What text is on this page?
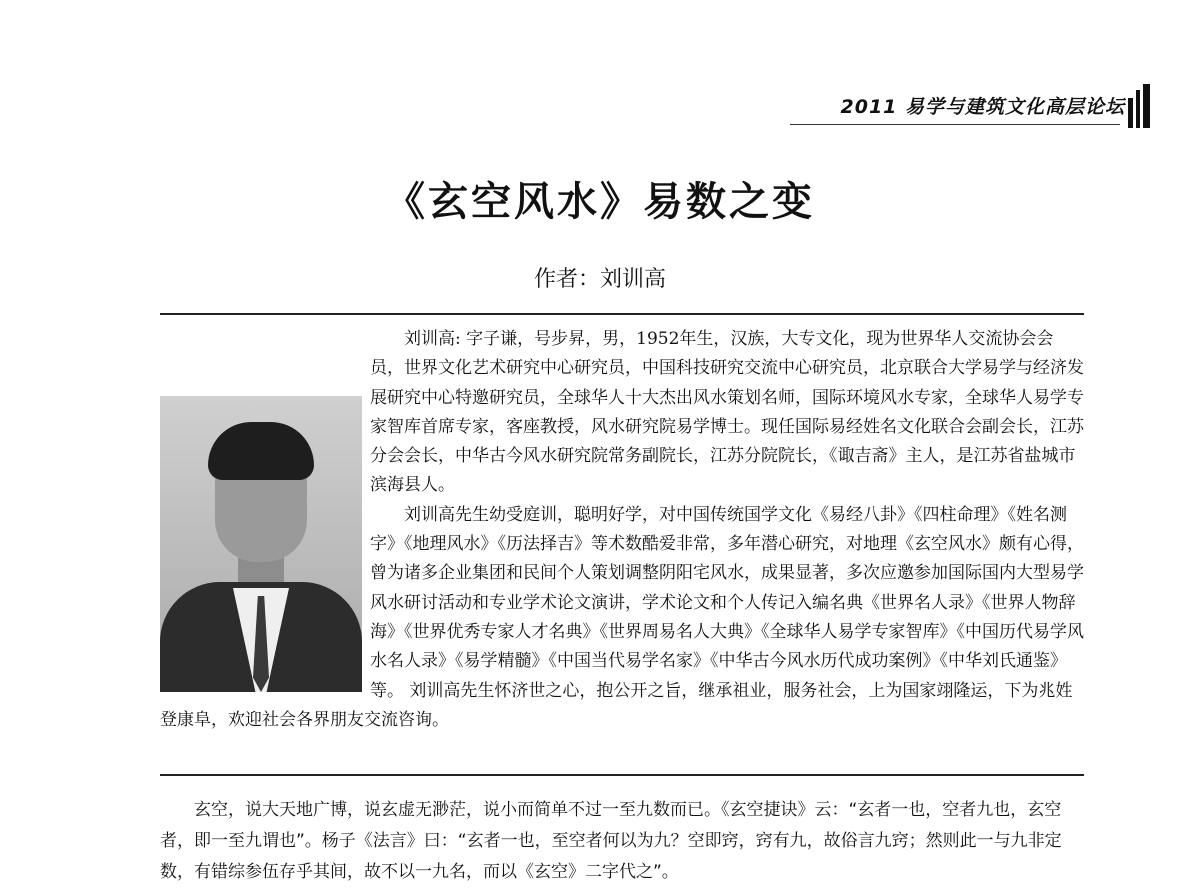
2011 易学与建筑文化高层论坛
《玄空风水》易数之变
作者：刘训高

刘训高: 字子谦，号步昇，男，1952年生，汉族，大专文化，现为世界华人交流协会会员，世界文化艺术研究中心研究员，中国科技研究交流中心研究员，北京联合大学易学与经济发展研究中心特邀研究员，全球华人十大杰出风水策划名师，国际环境风水专家，全球华人易学专家智库首席专家，客座教授，风水研究院易学博士。现任国际易经姓名文化联合会副会长，江苏分会会长，中华古今风水研究院常务副院长，江苏分院院长，《诹吉斋》主人，是江苏省盐城市滨海县人。

刘训高先生幼受庭训，聪明好学，对中国传统国学文化《易经八卦》《四柱命理》《姓名测字》《地理风水》《历法择吉》等术数酷爱非常，多年潜心研究，对地理《玄空风水》颇有心得，曾为诸多企业集团和民间个人策划调整阴阳宅风水，成果显著，多次应邀参加国际国内大型易学风水研讨活动和专业学术论文演讲，学术论文和个人传记入编名典《世界名人录》《世界人物辞海》《世界优秀专家人才名典》《世界周易名人大典》《全球华人易学专家智库》《中国历代易学风水名人录》《易学精髓》《中国当代易学名家》《中华古今风水历代成功案例》《中华刘氏通鉴》等。 刘训高先生怀济世之心，抱公开之旨，继承祖业，服务社会，上为国家翊隆运，下为兆姓登康阜，欢迎社会各界朋友交流咨询。

玄空，说大天地广博，说玄虚无渺茫，说小而简单不过一至九数而已。《玄空捷诀》云：“玄者一也，空者九也，玄空者，即一至九谓也”。杨子《法言》曰：“玄者一也，至空者何以为九？空即窍，窍有九，故俗言九窍；然则此一与九非定数，有错综参伍存乎其间，故不以一九名，而以《玄空》二字代之”。
